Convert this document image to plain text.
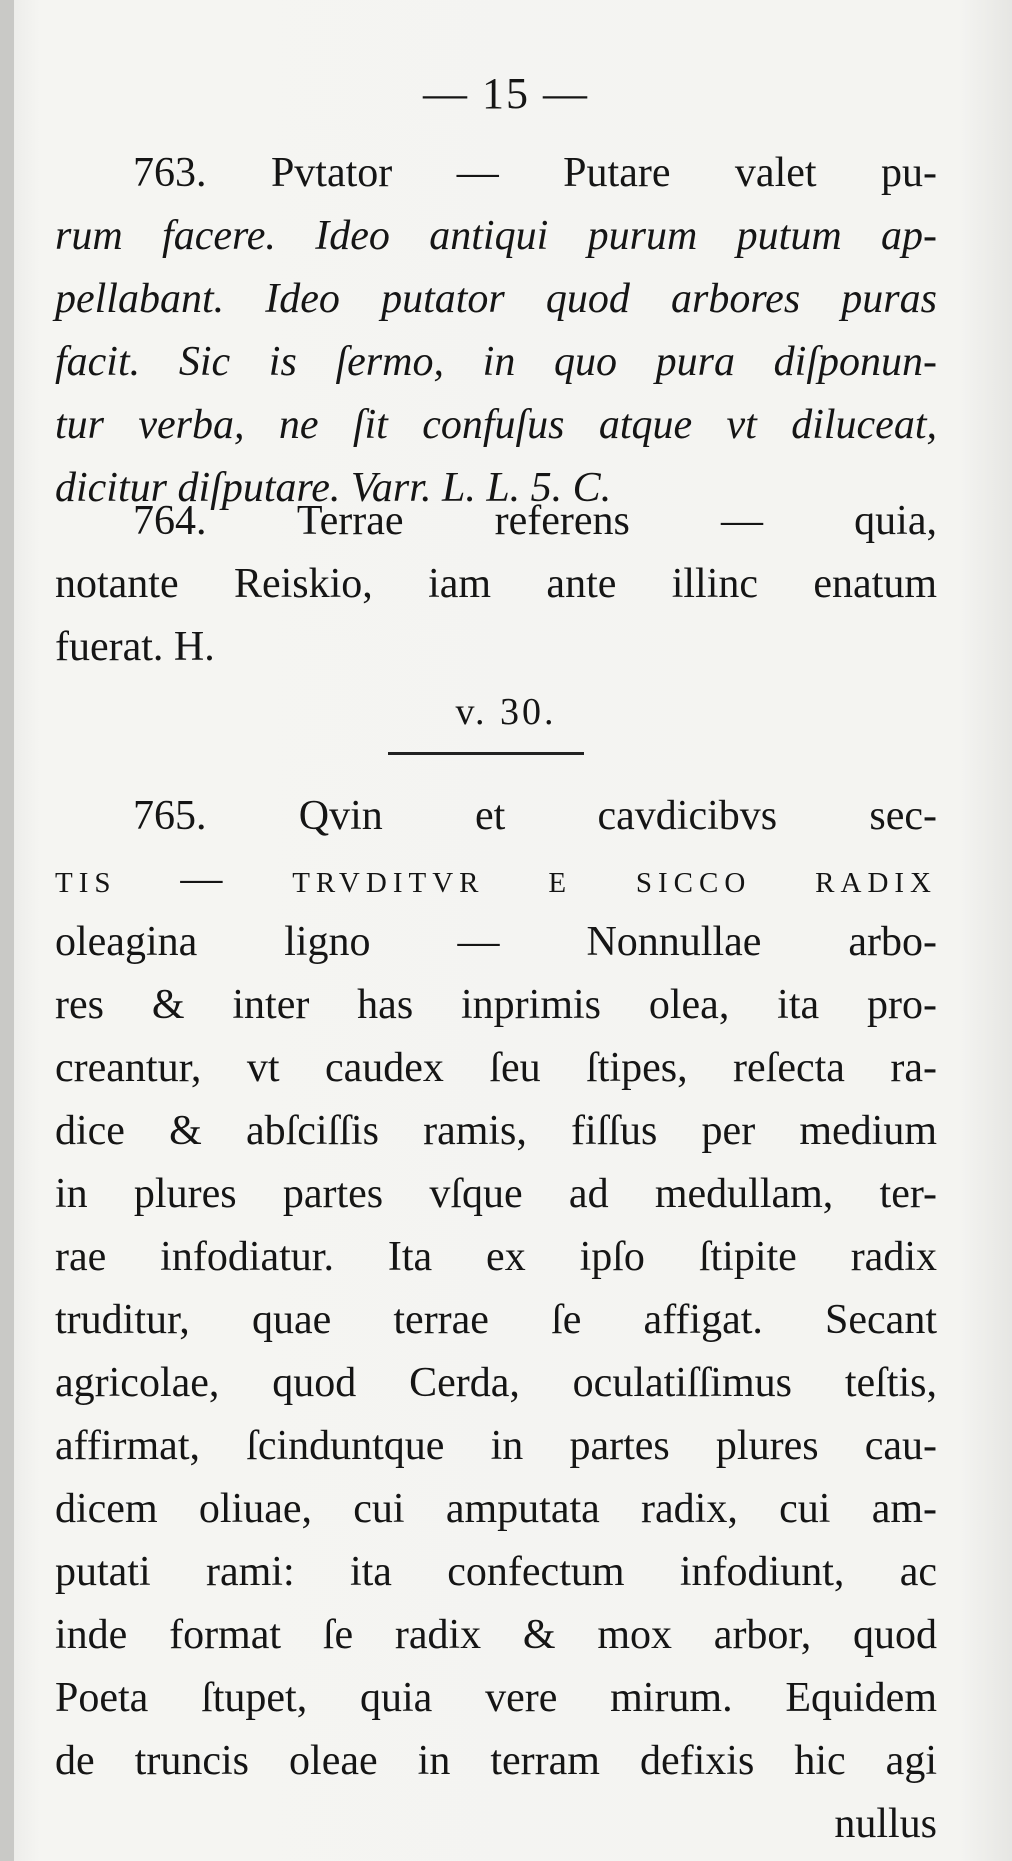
— 15 —
763. Pvtator — Putare valet pu-
rum facere. Ideo antiqui purum putum ap-
pellabant. Ideo putator quod arbores puras
facit. Sic is ſermo, in quo pura diſponun-
tur verba, ne ſit confuſus atque vt diluceat,
dicitur diſputare. Varr. L. L. 5. C.
764. Terrae referens — quia,
notante Reiskio, iam ante illinc enatum
fuerat. H.
v. 30.
765. Qvin et cavdicibvs sec-
tis — trvditvr e sicco radix
oleagina ligno — Nonnullae arbo-
res & inter has inprimis olea, ita pro-
creantur, vt caudex ſeu ſtipes, reſecta ra-
dice & abſciſſis ramis, fiſſus per medium
in plures partes vſque ad medullam, ter-
rae infodiatur. Ita ex ipſo ſtipite radix
truditur, quae terrae ſe affigat. Secant
agricolae, quod Cerda, oculatiſſimus teſtis,
affirmat, ſcinduntque in partes plures cau-
dicem oliuae, cui amputata radix, cui am-
putati rami: ita confectum infodiunt, ac
inde format ſe radix & mox arbor, quod
Poeta ſtupet, quia vere mirum. Equidem
de truncis oleae in terram defixis hic agi
nullus
